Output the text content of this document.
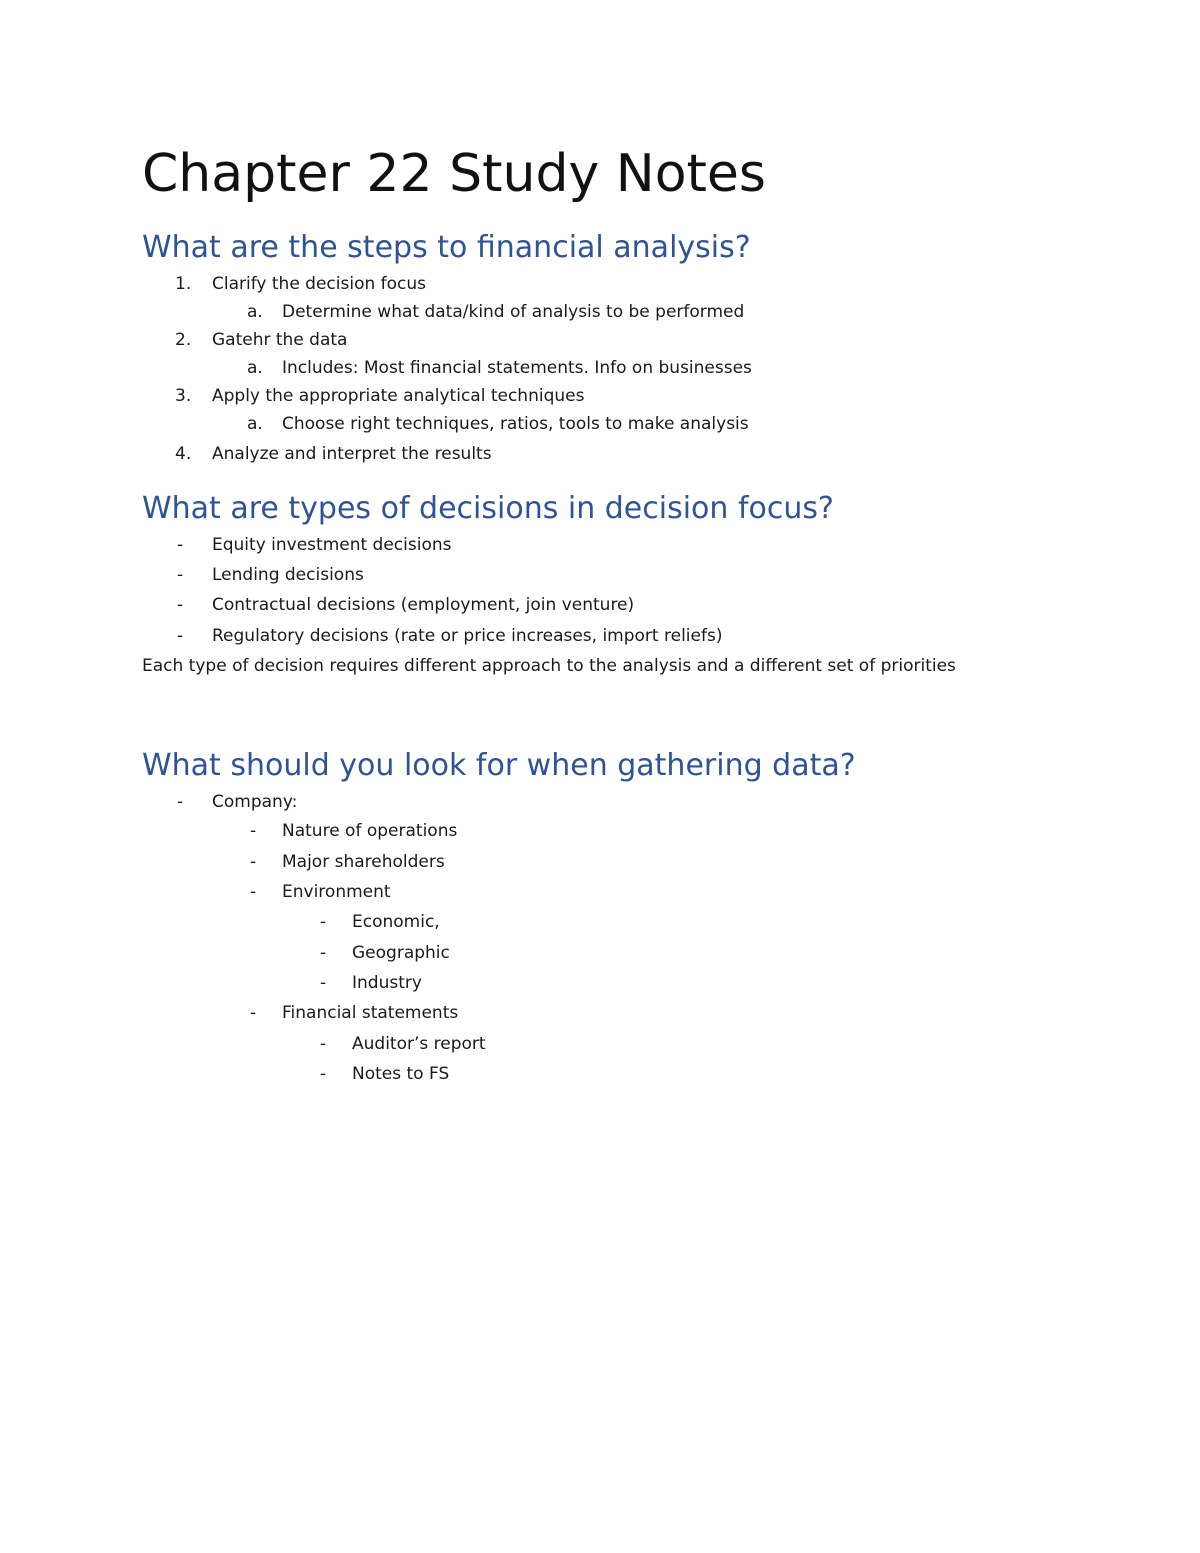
Chapter 22 Study Notes
What are the steps to financial analysis?
1. Clarify the decision focus
a. Determine what data/kind of analysis to be performed
2. Gatehr the data
a. Includes: Most financial statements. Info on businesses
3. Apply the appropriate analytical techniques
a. Choose right techniques, ratios, tools to make analysis
4. Analyze and interpret the results
What are types of decisions in decision focus?
- Equity investment decisions
- Lending decisions
- Contractual decisions (employment, join venture)
- Regulatory decisions (rate or price increases, import reliefs)
Each type of decision requires different approach to the analysis and a different set of priorities
What should you look for when gathering data?
- Company:
- Nature of operations
- Major shareholders
- Environment
- Economic,
- Geographic
- Industry
- Financial statements
- Auditor’s report
- Notes to FS
